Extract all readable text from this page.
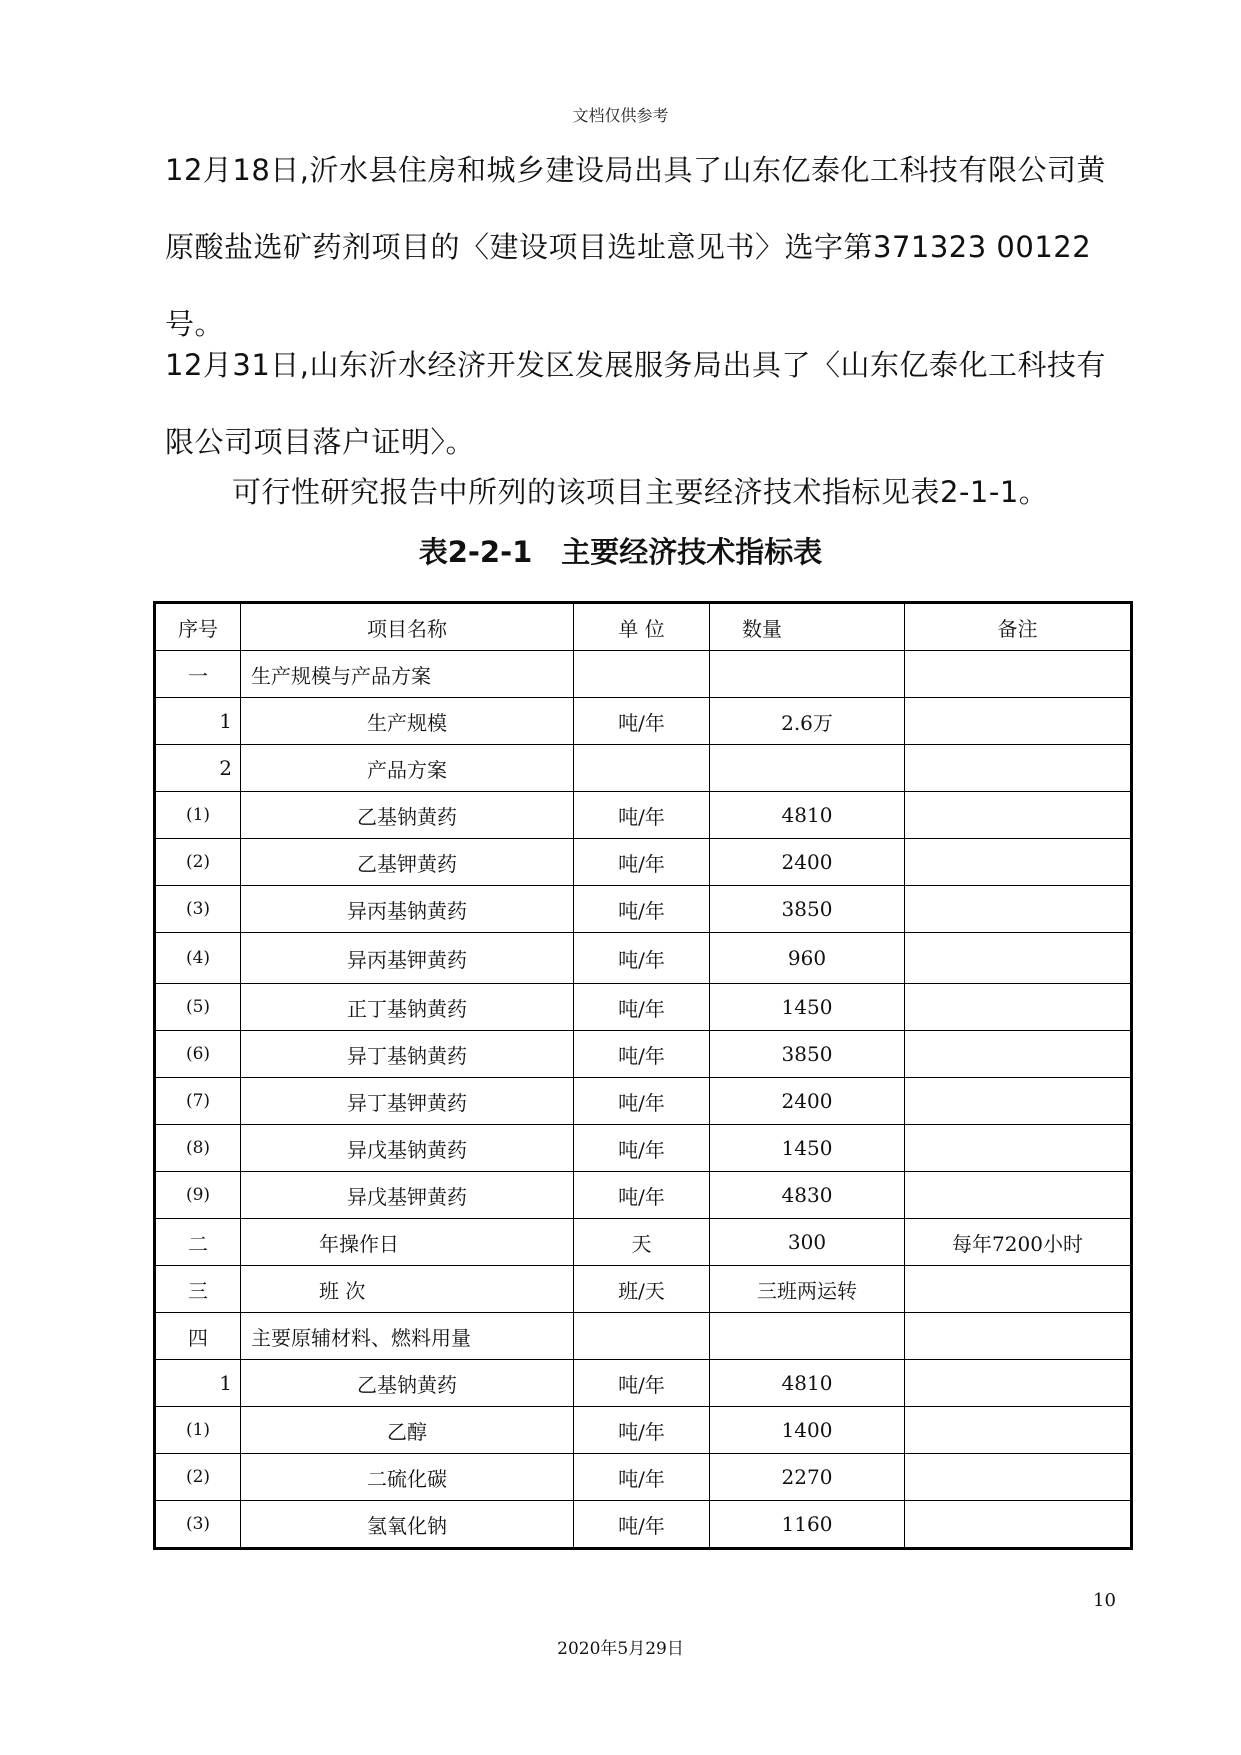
文档仅供参考

12月18日,沂水县住房和城乡建设局出具了山东亿泰化工科技有限公司黄原酸盐选矿药剂项目的〈建设项目选址意见书〉选字第371323 00122号。

12月31日,山东沂水经济开发区发展服务局出具了〈山东亿泰化工科技有限公司项目落户证明〉。

可行性研究报告中所列的该项目主要经济技术指标见表2-1-1。

表2-2-1　主要经济技术指标表
序号	项目名称	单 位	数量	备注
一	生产规模与产品方案			
1	生产规模	吨/年	2.6万	
2	产品方案			
(1)	乙基钠黄药	吨/年	4810	
(2)	乙基钾黄药	吨/年	2400	
(3)	异丙基钠黄药	吨/年	3850	
(4)	异丙基钾黄药	吨/年	960	
(5)	正丁基钠黄药	吨/年	1450	
(6)	异丁基钠黄药	吨/年	3850	
(7)	异丁基钾黄药	吨/年	2400	
(8)	异戊基钠黄药	吨/年	1450	
(9)	异戊基钾黄药	吨/年	4830	
二	年操作日	天	300	每年7200小时
三	班 次	班/天	三班两运转	
四	主要原辅材料、燃料用量			
1	乙基钠黄药	吨/年	4810	
(1)	乙醇	吨/年	1400	
(2)	二硫化碳	吨/年	2270	
(3)	氢氧化钠	吨/年	1160	
10
2020年5月29日
